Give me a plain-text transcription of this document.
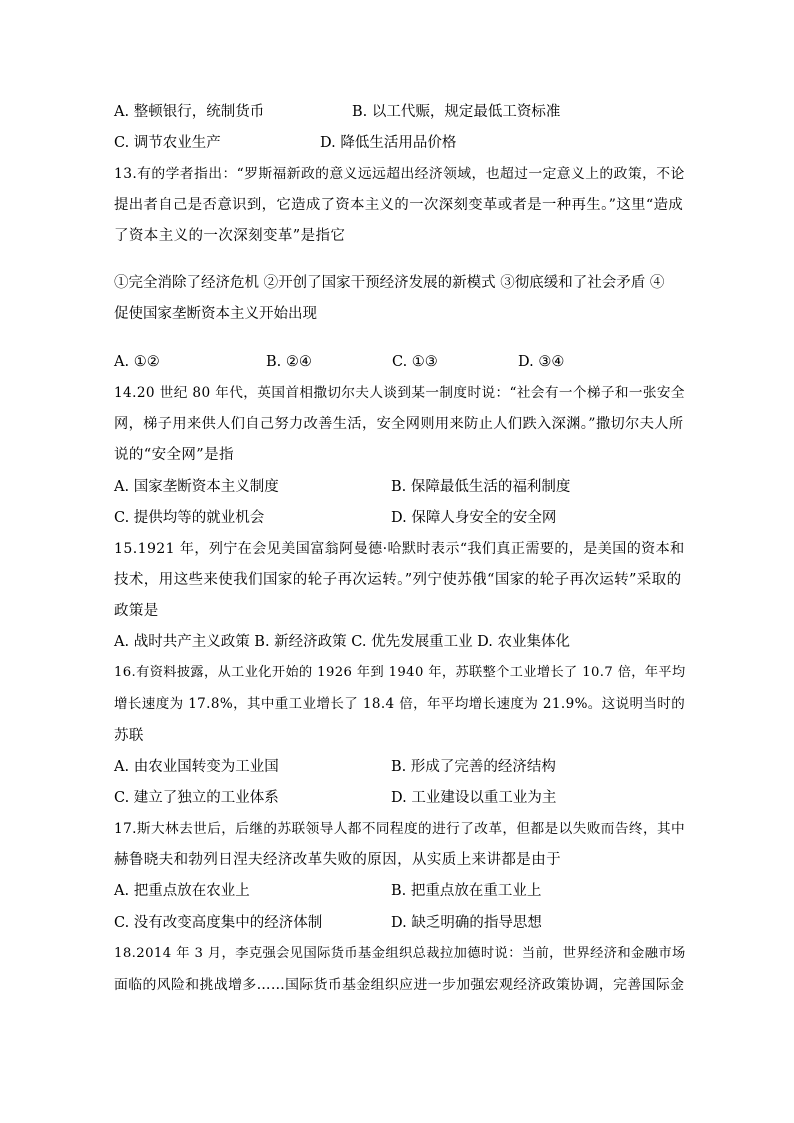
A. 整顿银行，统制货币	B. 以工代赈，规定最低工资标准
C. 调节农业生产	D. 降低生活用品价格
13.有的学者指出：“罗斯福新政的意义远远超出经济领域，也超过一定意义上的政策，不论
提出者自己是否意识到，它造成了资本主义的一次深刻变革或者是一种再生。”这里“造成
了资本主义的一次深刻变革”是指它
①完全消除了经济危机 ②开创了国家干预经济发展的新模式 ③彻底缓和了社会矛盾 ④
促使国家垄断资本主义开始出现
A. ①②	B. ②④	C. ①③	D. ③④
14.20 世纪 80 年代，英国首相撒切尔夫人谈到某一制度时说：“社会有一个梯子和一张安全
网，梯子用来供人们自己努力改善生活，安全网则用来防止人们跌入深渊。”撒切尔夫人所
说的“安全网”是指
A. 国家垄断资本主义制度	B. 保障最低生活的福利制度
C. 提供均等的就业机会	D. 保障人身安全的安全网
15.1921 年，列宁在会见美国富翁阿曼德·哈默时表示“我们真正需要的，是美国的资本和
技术，用这些来使我们国家的轮子再次运转。”列宁使苏俄“国家的轮子再次运转”采取的
政策是
A. 战时共产主义政策 B. 新经济政策 C. 优先发展重工业 D. 农业集体化
16.有资料披露，从工业化开始的 1926 年到 1940 年，苏联整个工业增长了 10.7 倍，年平均
增长速度为 17.8%，其中重工业增长了 18.4 倍，年平均增长速度为 21.9%。这说明当时的
苏联
A. 由农业国转变为工业国	B. 形成了完善的经济结构
C. 建立了独立的工业体系	D. 工业建设以重工业为主
17.斯大林去世后，后继的苏联领导人都不同程度的进行了改革，但都是以失败而告终，其中
赫鲁晓夫和勃列日涅夫经济改革失败的原因，从实质上来讲都是由于
A. 把重点放在农业上	B. 把重点放在重工业上
C. 没有改变高度集中的经济体制	D. 缺乏明确的指导思想
18.2014 年 3 月，李克强会见国际货币基金组织总裁拉加德时说：当前，世界经济和金融市场
面临的风险和挑战增多……国际货币基金组织应进一步加强宏观经济政策协调，完善国际金
